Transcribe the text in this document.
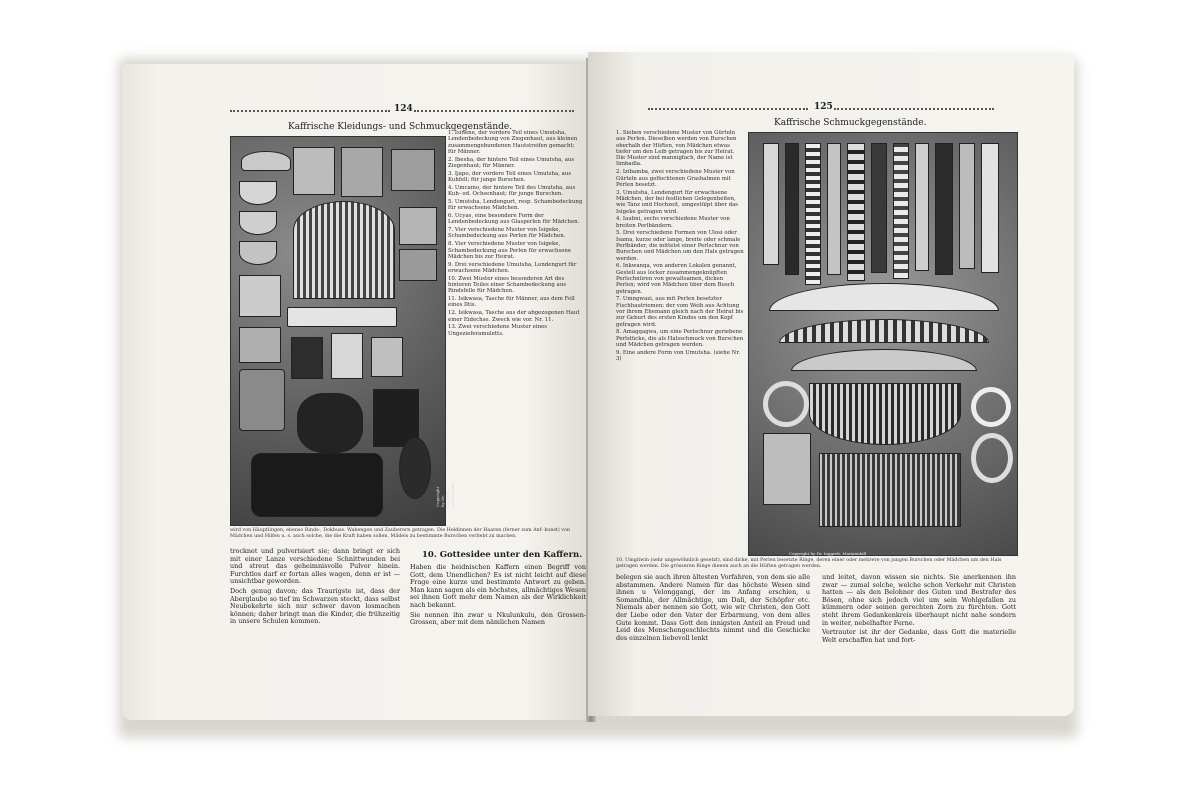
124
Kaffrische Kleidungs- und Schmuckgegenstände.
Copyright by Dr. Inggreb, Mariannhill

1. Isinene, der vordere Teil eines Umutsha, Lendenbedeckung von Ziegenhaut, aus kleinen zusammengebundenen Hautstreifen gemacht; für Männer.

2. Ibesha, der hintere Teil eines Umutsha, aus Ziegenhaut; für Männer.

3. Ijapo, der vordere Teil eines Umutsha, aus Kuhfell; für junge Burschen.

4. Umcamo, der hintere Teil des Umutsha, aus Kuh- od. Ochsenhaut; für junge Burschen.

5. Umutsha, Lendengurt, resp. Schambedeckung für erwachsene Mädchen.

6. Ucyas, eine besondere Form der Lendenbedeckung aus Glasperlen für Mädchen.

7. Vier verschiedene Muster von Isigeke, Schambedeckung aus Perlen für Mädchen.

8. Vier verschiedene Muster von Isigeke, Schambedeckung aus Perlen für erwachsene Mädchen bis zur Heirat.

9. Drei verschiedene Umutsha, Lendengurt für erwachsene Mädchen.

10. Zwei Muster eines besonderen Art des hinteren Teiles einer Schambedeckung aus Rindsfelle für Mädchen.

11. Isikwasa, Tasche für Männer, aus dem Fell eines Iltis.

12. Isikwasa, Tasche aus der abgezogenen Haut einer Eidechse. Zweck wie vor. Nr. 11.

13. Zwei verschiedene Muster eines Ungezieferamuletts.

wird von Häuptlingen, ebenso Rinds-, Dokbuss. Wabengen und Zauberern getragen. Die Heldinnen der Haaren (ferner zum Anf- kunst) von Mädchen und Hilfen u. s. auch solche, die die Kraft haben sollen, Mädels zu bestimmte Burschen verliebt zu machen.

trocknet und pulverisiert sie; dann bringt er sich mit einer Lanze verschiedene Schnittwunden bei und streut das geheimnisvolle Pulver hinein. Furchtlos darf er fortan alles wagen, denn er ist — unsichtbar geworden.

Doch genug davon; das Traurigste ist, dass der Aberglaube so tief im Schwarzen steckt, dass selbst Neubekehrte sich nur schwer davon losmachen können; daher bringt man die Kinder, die frühzeitig in unsere Schulen kommen.

10. Gottesidee unter den Kaffern.

Haben die heidnischen Kaffern einen Begriff von Gott, dem Unendlichen? Es ist nicht leicht auf diese Frage eine kurze und bestimmte Antwort zu geben. Man kann sagen als ein höchstes, allmächtiges Wesen sei ihnen Gott mehr dem Namen als der Wirklichkeit nach bekannt.

Sie nennen ihn zwar u Nkulunkulu, den Grossen-Grossen, aber mit dem nämlichen Namen

125
Kaffrische Schmuckgegenstände.

1. Sieben verschiedene Muster von Gürteln aus Perlen. Dieselben werden von Burschen oberhalb der Hüften, von Mädchen etwas tiefer um den Leib getragen bis zur Heirat. Die Muster sind mannigfach, der Name ist Iimbadla.

2. Izibamba, zwei verschiedene Muster von Gürteln aus geflochtenen Grashalmen mit Perlen besetzt.

3. Umutsha, Lendengurt für erwachsene Mädchen, der bei festlichen Gelegenheiten, wie Tanz und Hochzeit, umgestülpt über das Isigeke getragen wird.

4. Iaubni, sechs verschiedene Muster von breiten Perlbändern.

5. Drei verschiedene Formen von Ulosi oder Isama, kurze oder lange, breite oder schmale Perlbänder, die mittelst einer Perlschnur von Burschen und Mädchen um den Hals getragen werden.

6. Inkwanqa, von anderen Lokalen genannt, Gestell aus locker zusammengeknüpften Perlschnüren von gewaltsamen, dicken Perlen; wird von Mädchen über dem Busch getragen.

7. Umngwazi, aus mit Perlen besetzter Fischhautriemen; der vom Weib aus Achtung vor ihrem Ehemann gleich nach der Heirat bis zur Geburt des ersten Kindes um den Kopf getragen wird.

8. Amagqagwa, um eine Perlschnur geriebene Perlstücke, die als Halsschmuck von Burschen und Mädchen getragen werden.

9. Eine andere Form von Umutsha. (siehe Nr. 3)

Copyright by Dr. Inggreb, Mariannhill
10. Umgitwin (sehr ungewöhnlich gesetzt), sind dicke, mit Perlen besetzte Ringe, deren einer oder mehrere von jungen Burschen oder Mädchen um den Hals getragen werden. Die grösseren Ringe dienen auch an die Hüften getragen werden.

belegen sie auch ihren ältesten Vorfahren, von dem sie alle abstammen. Andere Namen für das höchste Wesen sind ihnen u Velonggangi, der im Anfang erschien, u Somandhla, der Allmächtige, um Dali, der Schöpfer etc. Niemals aber nennen sie Gott, wie wir Christen, den Gott der Liebe oder den Vater der Erbarmung, von dem alles Gute kommt. Dass Gott den innigsten Anteil an Freud und Leid des Menschengeschlechts nimmt und die Geschicke des einzelnen liebevoll lenkt

und leitet, davon wissen sie nichts. Sie anerkennen ihn zwar — zumal solche, welche schon Verkehr mit Christen hatten — als den Belohner des Guten und Bestrafer des Bösen, ohne sich jedoch viel um sein Wohlgefallen zu kümmern oder seinen gerechten Zorn zu fürchten. Gott steht ihrem Gedankenkreis überhaupt nicht nahe sondern in weiter, nebelhafter Ferne.

Vertrauter ist ihr der Gedanke, dass Gott die materielle Welt erschaffen hat und fort-
